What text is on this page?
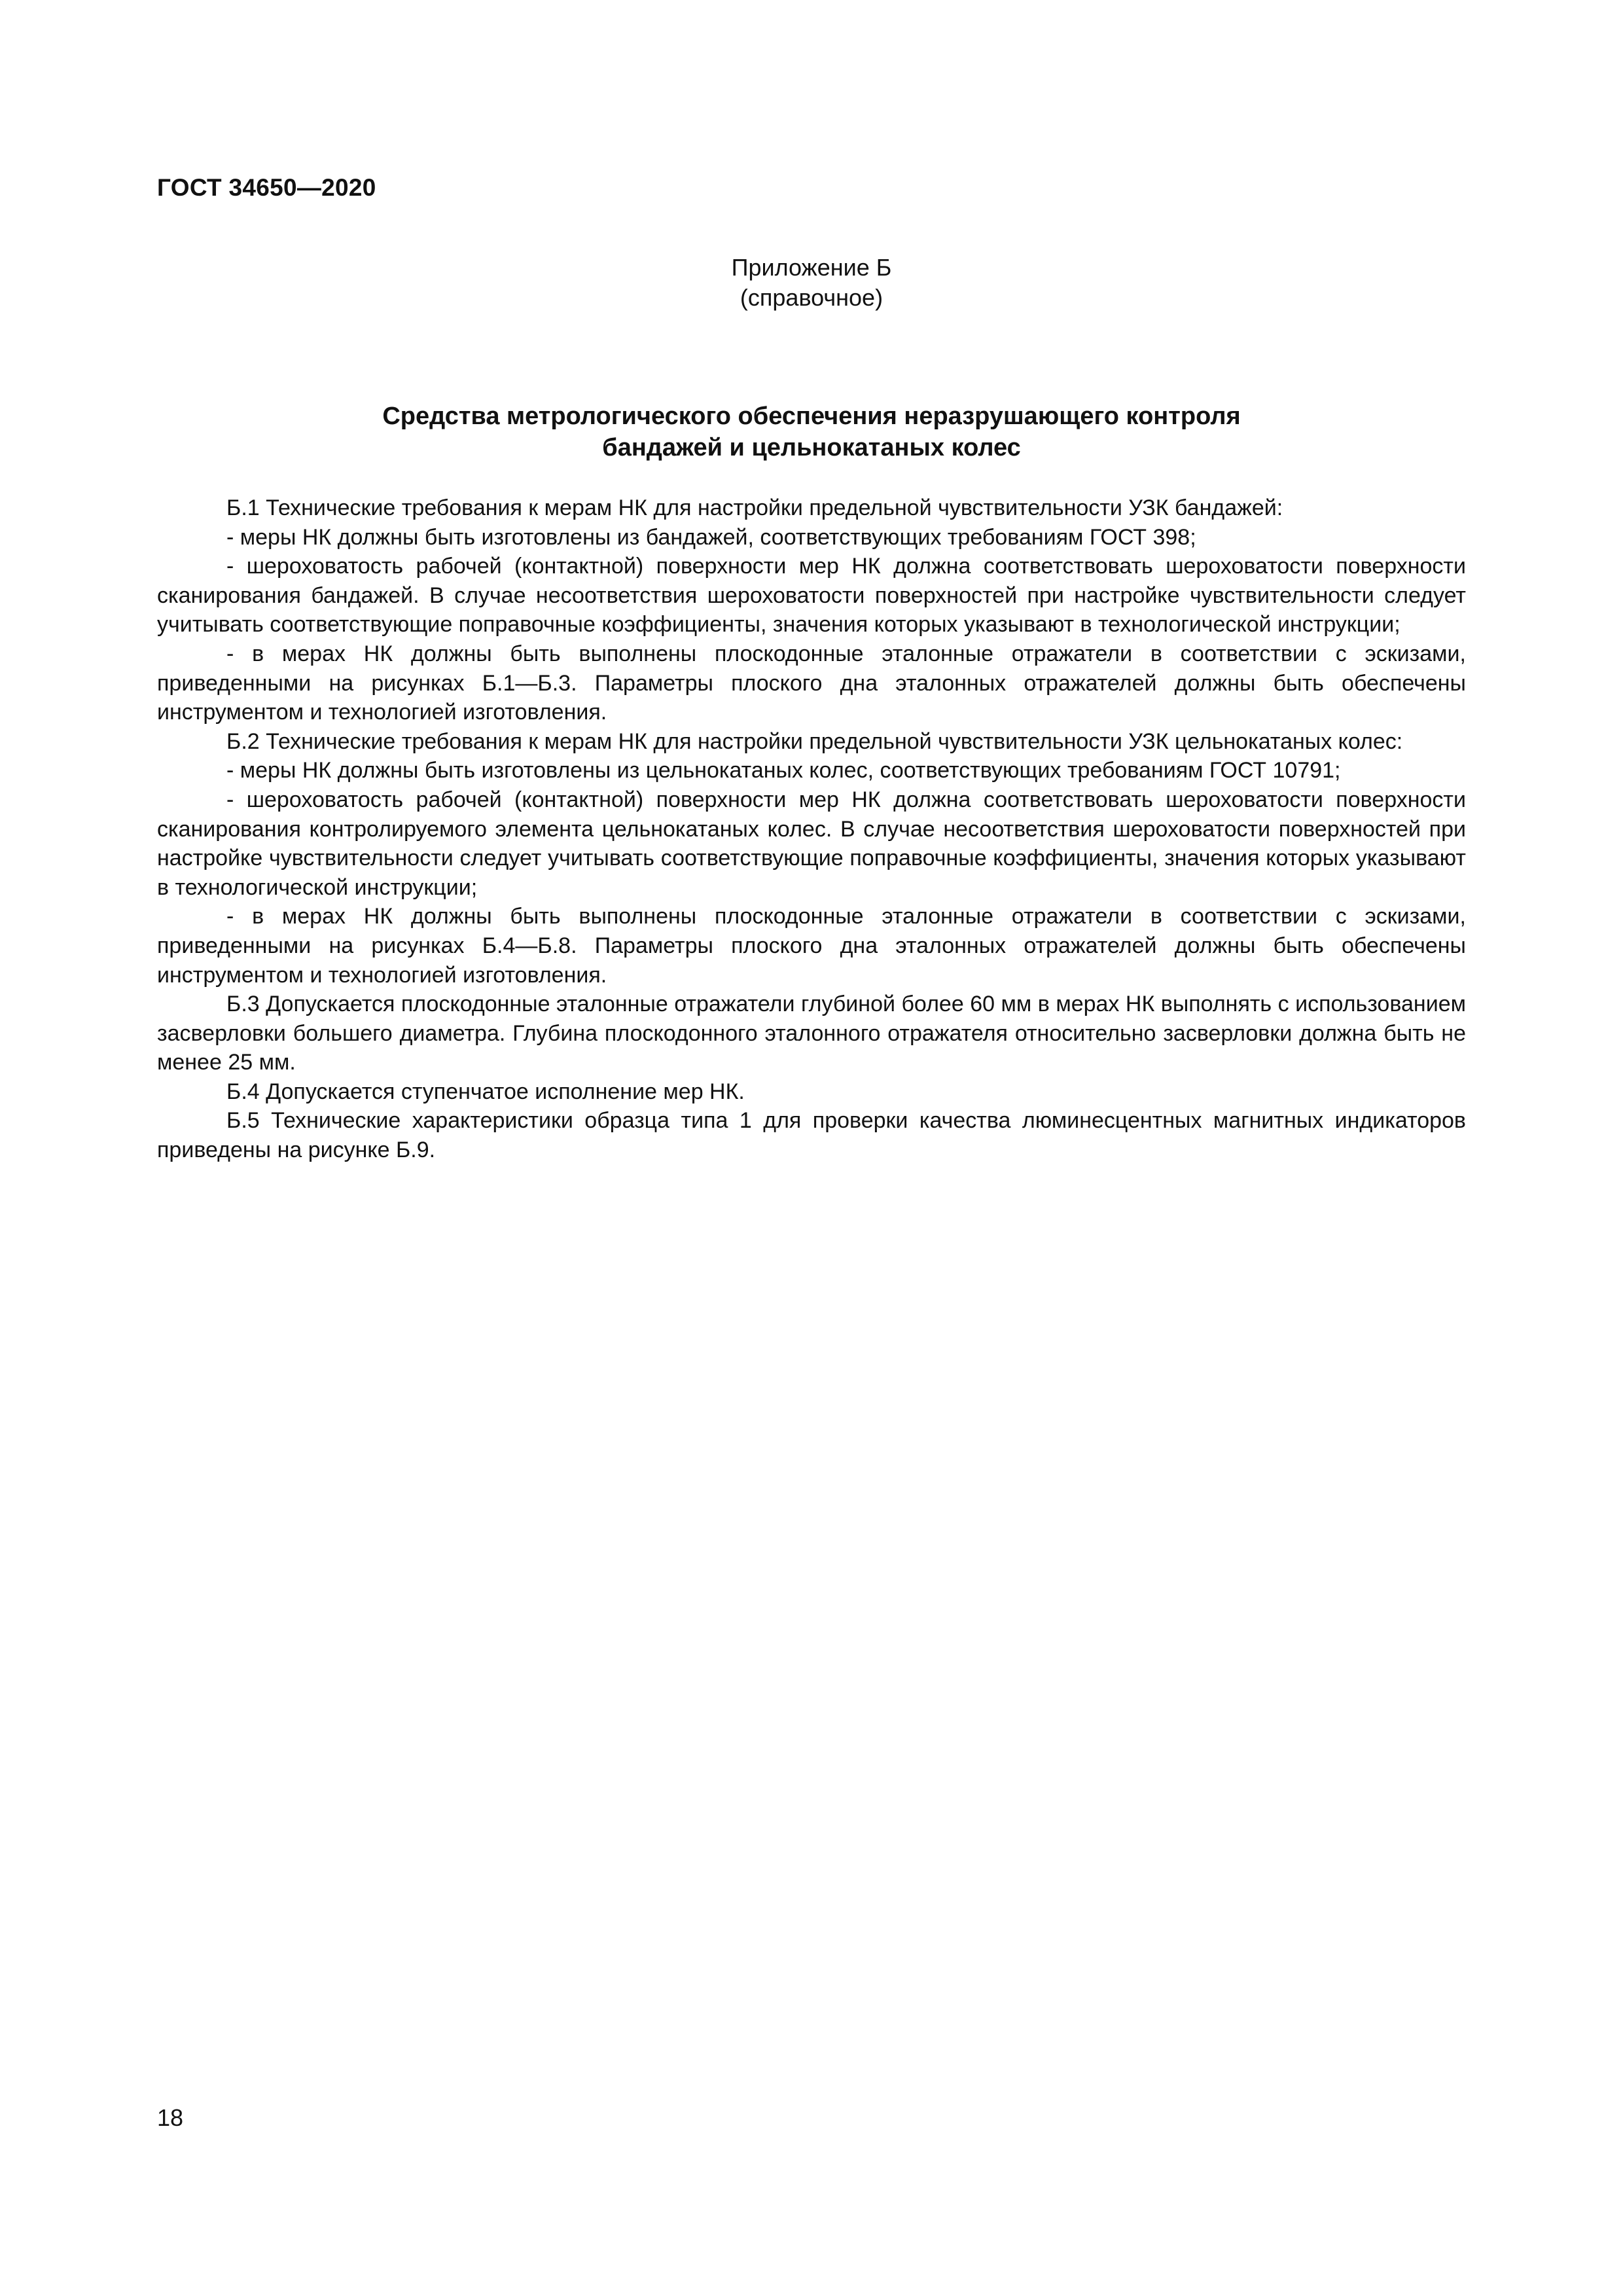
ГОСТ 34650—2020
Приложение Б
(справочное)
Средства метрологического обеспечения неразрушающего контроля
бандажей и цельнокатаных колес

Б.1 Технические требования к мерам НК для настройки предельной чувствительности УЗК бандажей:

- меры НК должны быть изготовлены из бандажей, соответствующих требованиям ГОСТ 398;

- шероховатость рабочей (контактной) поверхности мер НК должна соответствовать шероховатости поверхности сканирования бандажей. В случае несоответствия шероховатости поверхностей при настройке чувствительности следует учитывать соответствующие поправочные коэффициенты, значения которых указывают в технологической инструкции;

- в мерах НК должны быть выполнены плоскодонные эталонные отражатели в соответствии с эскизами, приведенными на рисунках Б.1—Б.3. Параметры плоского дна эталонных отражателей должны быть обеспечены инструментом и технологией изготовления.

Б.2 Технические требования к мерам НК для настройки предельной чувствительности УЗК цельнокатаных колес:

- меры НК должны быть изготовлены из цельнокатаных колес, соответствующих требованиям ГОСТ 10791;

- шероховатость рабочей (контактной) поверхности мер НК должна соответствовать шероховатости поверхности сканирования контролируемого элемента цельнокатаных колес. В случае несоответствия шероховатости поверхностей при настройке чувствительности следует учитывать соответствующие поправочные коэффициенты, значения которых указывают в технологической инструкции;

- в мерах НК должны быть выполнены плоскодонные эталонные отражатели в соответствии с эскизами, приведенными на рисунках Б.4—Б.8. Параметры плоского дна эталонных отражателей должны быть обеспечены инструментом и технологией изготовления.

Б.3 Допускается плоскодонные эталонные отражатели глубиной более 60 мм в мерах НК выполнять с использованием засверловки большего диаметра. Глубина плоскодонного эталонного отражателя относительно засверловки должна быть не менее 25 мм.

Б.4 Допускается ступенчатое исполнение мер НК.

Б.5 Технические характеристики образца типа 1 для проверки качества люминесцентных магнитных индикаторов приведены на рисунке Б.9.

18
